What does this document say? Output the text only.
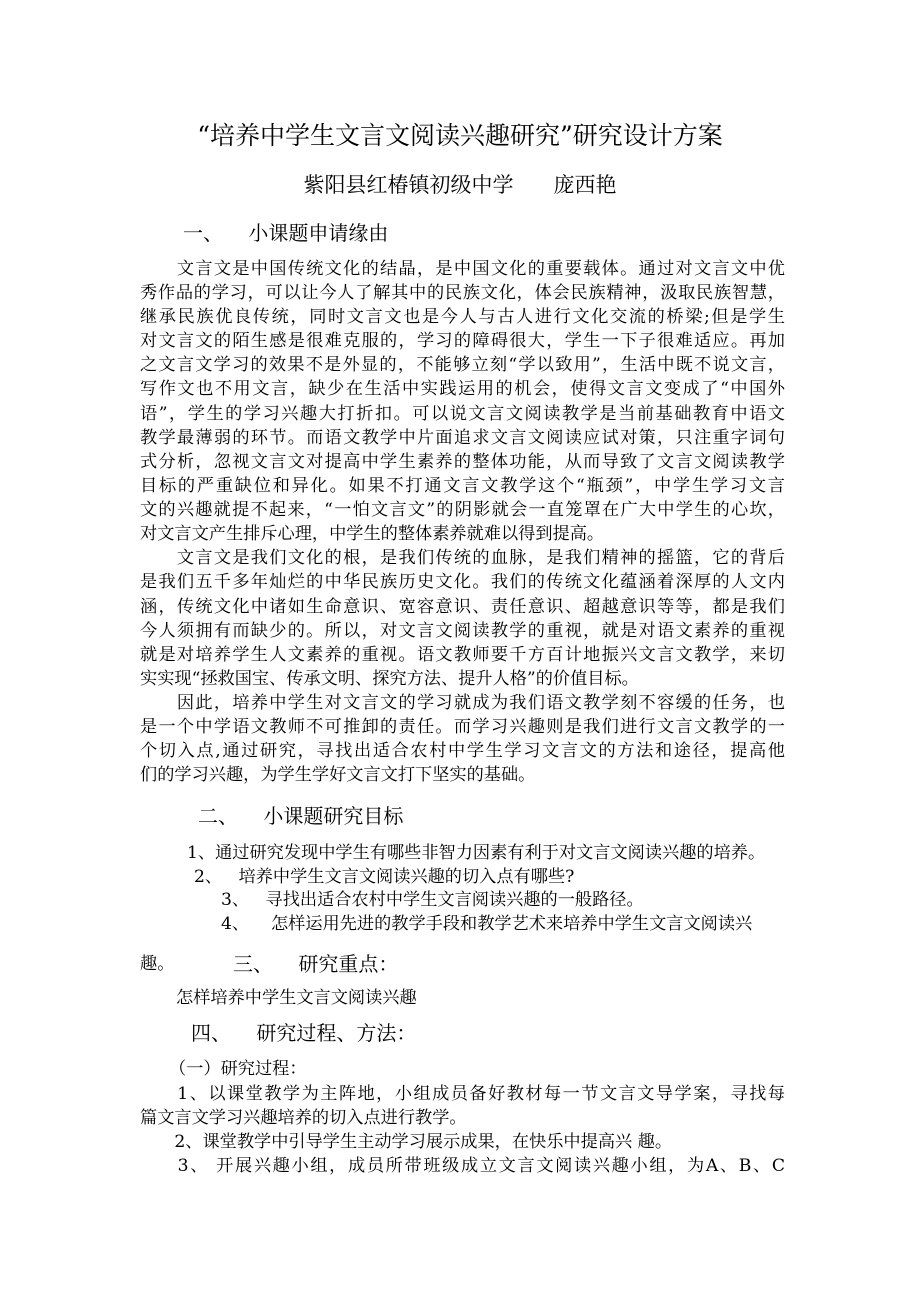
“培养中学生文言文阅读兴趣研究”研究设计方案
紫阳县红椿镇初级中学      庞西艳
一、    小课题申请缘由
　　文言文是中国传统文化的结晶，是中国文化的重要载体。通过对文言文中优
秀作品的学习，可以让今人了解其中的民族文化，体会民族精神，汲取民族智慧，
继承民族优良传统，同时文言文也是今人与古人进行文化交流的桥梁;但是学生
对文言文的陌生感是很难克服的，学习的障碍很大，学生一下子很难适应。再加
之文言文学习的效果不是外显的，不能够立刻“学以致用”，生活中既不说文言，
写作文也不用文言，缺少在生活中实践运用的机会，使得文言文变成了“中国外
语”，学生的学习兴趣大打折扣。可以说文言文阅读教学是当前基础教育中语文
教学最薄弱的环节。而语文教学中片面追求文言文阅读应试对策，只注重字词句
式分析，忽视文言文对提高中学生素养的整体功能，从而导致了文言文阅读教学
目标的严重缺位和异化。如果不打通文言文教学这个“瓶颈”，中学生学习文言
文的兴趣就提不起来，“一怕文言文”的阴影就会一直笼罩在广大中学生的心坎，
对文言文产生排斥心理，中学生的整体素养就难以得到提高。
　　文言文是我们文化的根，是我们传统的血脉，是我们精神的摇篮，它的背后
是我们五千多年灿烂的中华民族历史文化。我们的传统文化蕴涵着深厚的人文内
涵，传统文化中诸如生命意识、宽容意识、责任意识、超越意识等等，都是我们
今人须拥有而缺少的。所以，对文言文阅读教学的重视，就是对语文素养的重视
就是对培养学生人文素养的重视。语文教师要千方百计地振兴文言文教学，来切
实实现“拯救国宝、传承文明、探究方法、提升人格”的价值目标。
　　因此，培养中学生对文言文的学习就成为我们语文教学刻不容缓的任务，也
是一个中学语文教师不可推卸的责任。而学习兴趣则是我们进行文言文教学的一
个切入点,通过研究，寻找出适合农村中学生学习文言文的方法和途径，提高他
们的学习兴趣，为学生学好文言文打下坚实的基础。
二、    小课题研究目标
1、通过研究发现中学生有哪些非智力因素有利于对文言文阅读兴趣的培养。
2、   培养中学生文言文阅读兴趣的切入点有哪些?
3、   寻找出适合农村中学生文言阅读兴趣的一般路径。
4、    怎样运用先进的教学手段和教学艺术来培养中学生文言文阅读兴
趣。	三、    研究重点：
怎样培养中学生文言文阅读兴趣
四、    研究过程、方法：
（一）研究过程：
　　1、以课堂教学为主阵地，小组成员备好教材每一节文言文导学案，寻找每
篇文言文学习兴趣培养的切入点进行教学。
　　2、课堂教学中引导学生主动学习展示成果，在快乐中提高兴 趣。
　　3、 开展兴趣小组，成员所带班级成立文言文阅读兴趣小组，为A、B、C
